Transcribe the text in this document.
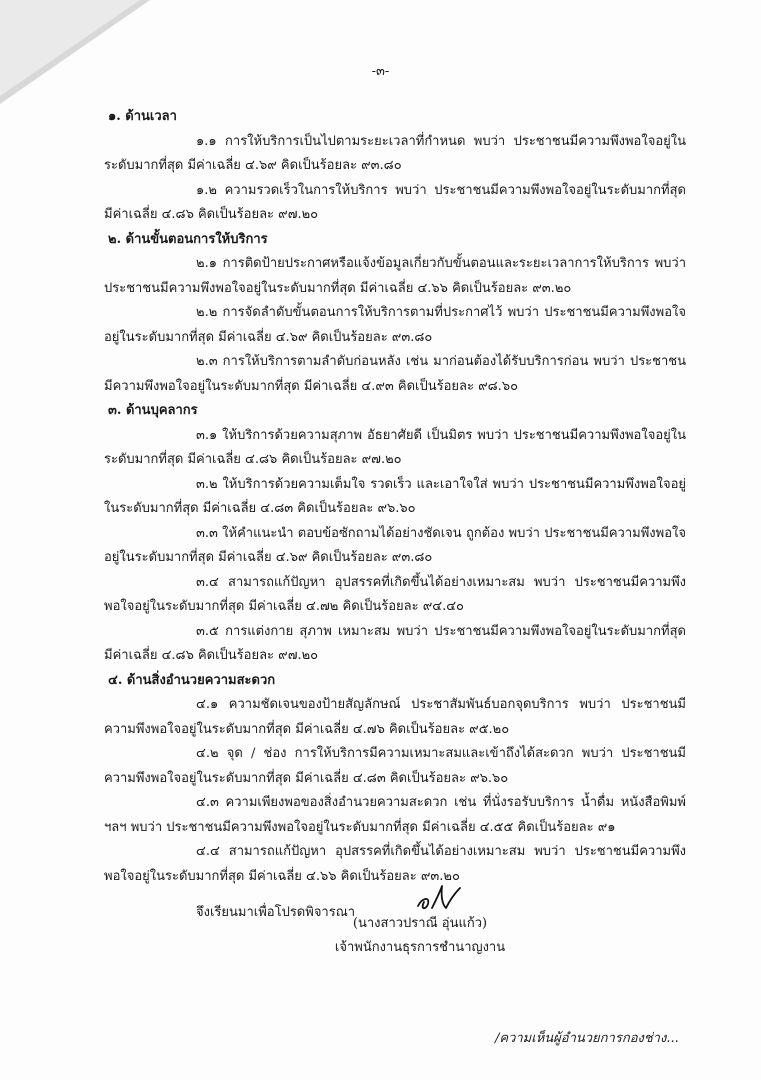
-๓-
๑. ด้านเวลา
๑.๑ การให้บริการเป็นไปตามระยะเวลาที่กำหนด พบว่า ประชาชนมีความพึงพอใจอยู่ในระดับมากที่สุด มีค่าเฉลี่ย ๔.๖๙ คิดเป็นร้อยละ ๙๓.๘๐
๑.๒ ความรวดเร็วในการให้บริการ พบว่า ประชาชนมีความพึงพอใจอยู่ในระดับมากที่สุด มีค่าเฉลี่ย ๔.๘๖ คิดเป็นร้อยละ ๙๗.๒๐
๒. ด้านขั้นตอนการให้บริการ
๒.๑ การติดป้ายประกาศหรือแจ้งข้อมูลเกี่ยวกับขั้นตอนและระยะเวลาการให้บริการ พบว่า ประชาชนมีความพึงพอใจอยู่ในระดับมากที่สุด มีค่าเฉลี่ย ๔.๖๖ คิดเป็นร้อยละ ๙๓.๒๐
๒.๒ การจัดลำดับขั้นตอนการให้บริการตามที่ประกาศไว้ พบว่า ประชาชนมีความพึงพอใจอยู่ในระดับมากที่สุด มีค่าเฉลี่ย ๔.๖๙ คิดเป็นร้อยละ ๙๓.๘๐
๒.๓ การให้บริการตามลำดับก่อนหลัง เช่น มาก่อนต้องได้รับบริการก่อน พบว่า ประชาชนมีความพึงพอใจอยู่ในระดับมากที่สุด มีค่าเฉลี่ย ๔.๙๓ คิดเป็นร้อยละ ๙๘.๖๐
๓. ด้านบุคลากร
๓.๑ ให้บริการด้วยความสุภาพ อัธยาศัยดี เป็นมิตร พบว่า ประชาชนมีความพึงพอใจอยู่ในระดับมากที่สุด มีค่าเฉลี่ย ๔.๘๖ คิดเป็นร้อยละ ๙๗.๒๐
๓.๒ ให้บริการด้วยความเต็มใจ รวดเร็ว และเอาใจใส่ พบว่า ประชาชนมีความพึงพอใจอยู่ในระดับมากที่สุด มีค่าเฉลี่ย ๔.๘๓ คิดเป็นร้อยละ ๙๖.๖๐
๓.๓ ให้คำแนะนำ ตอบข้อซักถามได้อย่างชัดเจน ถูกต้อง พบว่า ประชาชนมีความพึงพอใจอยู่ในระดับมากที่สุด มีค่าเฉลี่ย ๔.๖๙ คิดเป็นร้อยละ ๙๓.๘๐
๓.๔ สามารถแก้ปัญหา อุปสรรคที่เกิดขึ้นได้อย่างเหมาะสม พบว่า ประชาชนมีความพึงพอใจอยู่ในระดับมากที่สุด มีค่าเฉลี่ย ๔.๗๒ คิดเป็นร้อยละ ๙๔.๔๐
๓.๕ การแต่งกาย สุภาพ เหมาะสม พบว่า ประชาชนมีความพึงพอใจอยู่ในระดับมากที่สุด มีค่าเฉลี่ย ๔.๘๖ คิดเป็นร้อยละ ๙๗.๒๐
๔. ด้านสิ่งอำนวยความสะดวก
๔.๑ ความชัดเจนของป้ายสัญลักษณ์ ประชาสัมพันธ์บอกจุดบริการ พบว่า ประชาชนมีความพึงพอใจอยู่ในระดับมากที่สุด มีค่าเฉลี่ย ๔.๗๖ คิดเป็นร้อยละ ๙๕.๒๐
๔.๒ จุด / ช่อง การให้บริการมีความเหมาะสมและเข้าถึงได้สะดวก พบว่า ประชาชนมีความพึงพอใจอยู่ในระดับมากที่สุด มีค่าเฉลี่ย ๔.๘๓ คิดเป็นร้อยละ ๙๖.๖๐
๔.๓ ความเพียงพอของสิ่งอำนวยความสะดวก เช่น ที่นั่งรอรับบริการ น้ำดื่ม หนังสือพิมพ์ ฯลฯ พบว่า ประชาชนมีความพึงพอใจอยู่ในระดับมากที่สุด มีค่าเฉลี่ย ๔.๕๕ คิดเป็นร้อยละ ๙๑
๔.๔ สามารถแก้ปัญหา อุปสรรคที่เกิดขึ้นได้อย่างเหมาะสม พบว่า ประชาชนมีความพึงพอใจอยู่ในระดับมากที่สุด มีค่าเฉลี่ย ๔.๖๖ คิดเป็นร้อยละ ๙๓.๒๐
จึงเรียนมาเพื่อโปรดพิจารณา
(นางสาวปราณี อุ่นแก้ว)
เจ้าพนักงานธุรการชำนาญงาน
/ความเห็นผู้อำนวยการกองช่าง...
